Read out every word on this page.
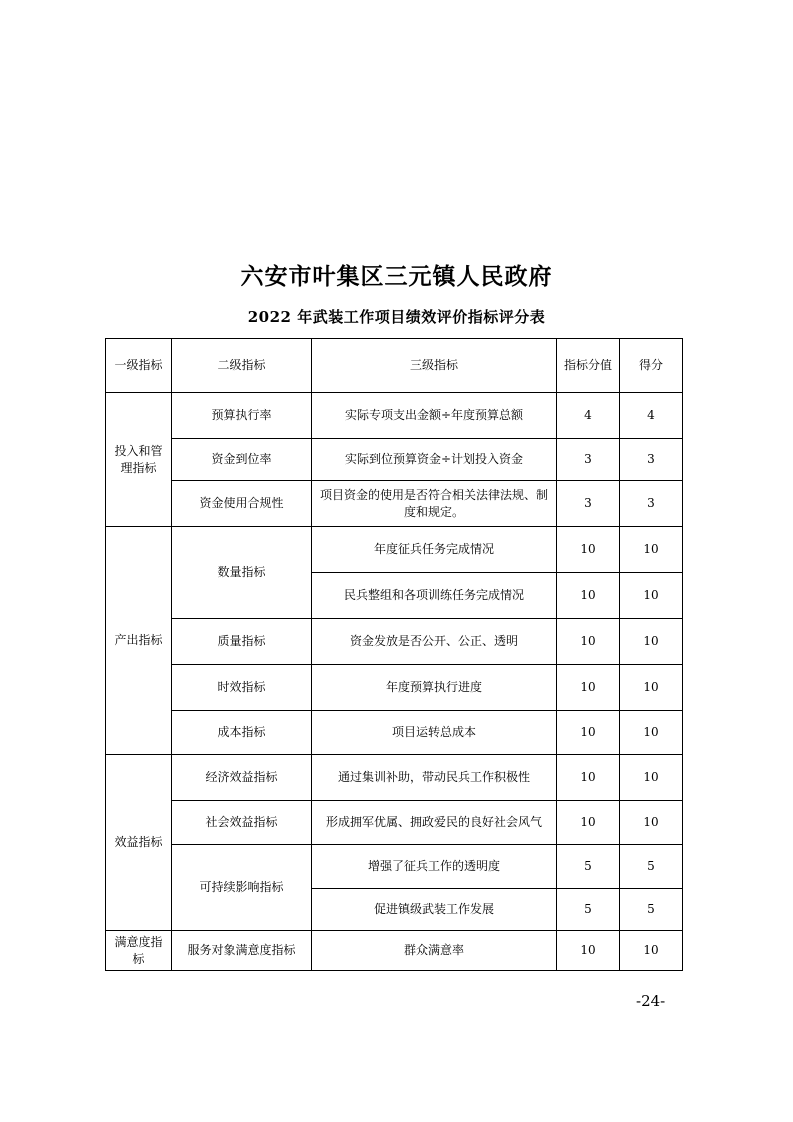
六安市叶集区三元镇人民政府
2022 年武装工作项目绩效评价指标评分表
一级指标	二级指标	三级指标	指标分值	得分
投入和管理指标	预算执行率	实际专项支出金额÷年度预算总额	4	4
	资金到位率	实际到位预算资金÷计划投入资金	3	3
	资金使用合规性	项目资金的使用是否符合相关法律法规、制度和规定。	3	3
产出指标	数量指标	年度征兵任务完成情况	10	10
		民兵整组和各项训练任务完成情况	10	10
	质量指标	资金发放是否公开、公正、透明	10	10
	时效指标	年度预算执行进度	10	10
	成本指标	项目运转总成本	10	10
效益指标	经济效益指标	通过集训补助，带动民兵工作积极性	10	10
	社会效益指标	形成拥军优属、拥政爱民的良好社会风气	10	10
	可持续影响指标	增强了征兵工作的透明度	5	5
		促进镇级武装工作发展	5	5
满意度指标	服务对象满意度指标	群众满意率	10	10
-24-
